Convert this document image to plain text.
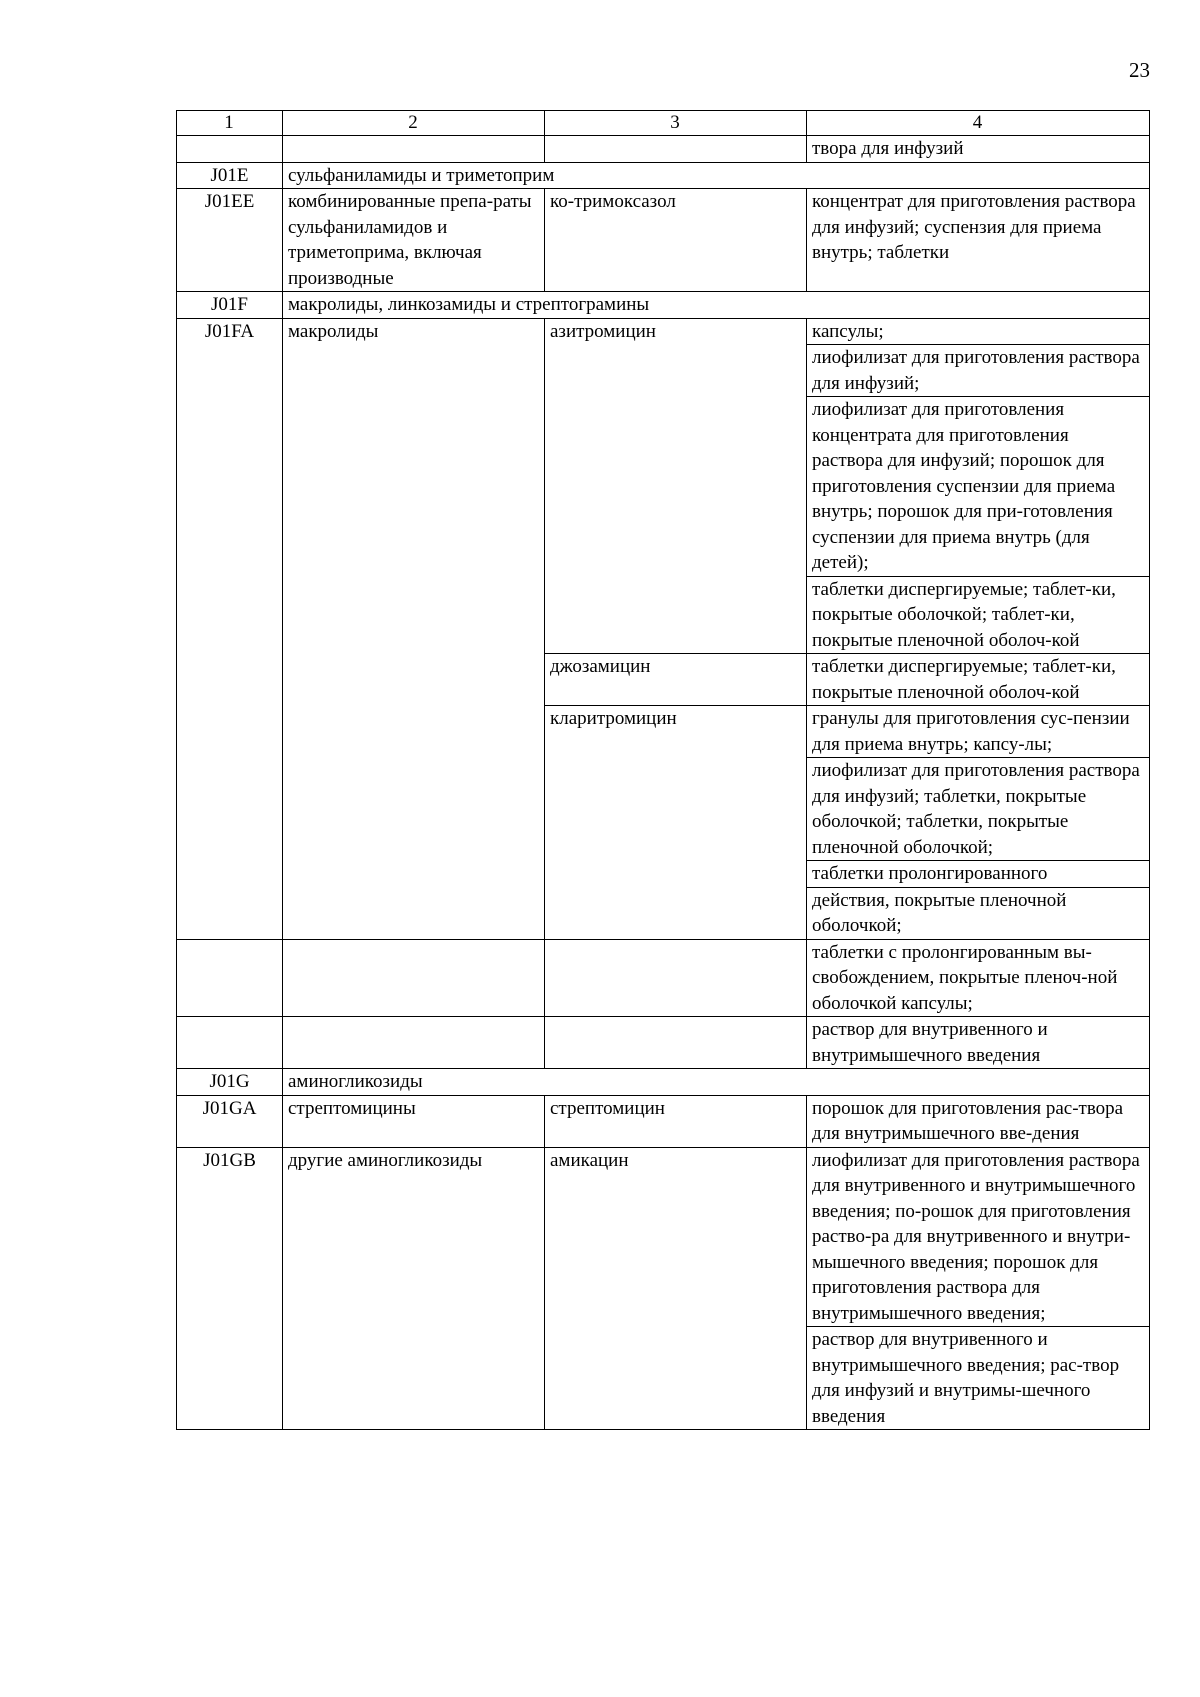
23
1	2	3	4
			твора для инфузий
J01E	сульфаниламиды и триметоприм		
J01EE	комбинированные препа-раты сульфаниламидов и триметоприма, включая производные	ко-тримоксазол	концентрат для приготовления раствора для инфузий; суспензия для приема внутрь; таблетки
J01F	макролиды, линкозамиды и стрептограмины		
J01FA	макролиды	азитромицин	капсулы;
			лиофилизат для приготовления раствора для инфузий;
			лиофилизат для приготовления концентрата для приготовления раствора для инфузий; порошок для приготовления суспензии для приема внутрь; порошок для при-готовления суспензии для приема внутрь (для детей);
			таблетки диспергируемые; таблет-ки, покрытые оболочкой; таблет-ки, покрытые пленочной оболоч-кой
		джозамицин	таблетки диспергируемые; таблет-ки, покрытые пленочной оболоч-кой
		кларитромицин	гранулы для приготовления сус-пензии для приема внутрь; капсу-лы;
			лиофилизат для приготовления раствора для инфузий; таблетки, покрытые оболочкой; таблетки, покрытые пленочной оболочкой;
			таблетки пролонгированного
			действия, покрытые пленочной оболочкой;
			таблетки с пролонгированным вы-свобождением, покрытые пленоч-ной оболочкой капсулы;
			раствор для внутривенного и внутримышечного введения
J01G	аминогликозиды		
J01GA	стрептомицины	стрептомицин	порошок для приготовления рас-твора для внутримышечного вве-дения
J01GB	другие аминогликозиды	амикацин	лиофилизат для приготовления раствора для внутривенного и внутримышечного введения; по-рошок для приготовления раство-ра для внутривенного и внутри-мышечного введения; порошок для приготовления раствора для внутримышечного введения;
			раствор для внутривенного и внутримышечного введения; рас-твор для инфузий и внутримы-шечного введения
